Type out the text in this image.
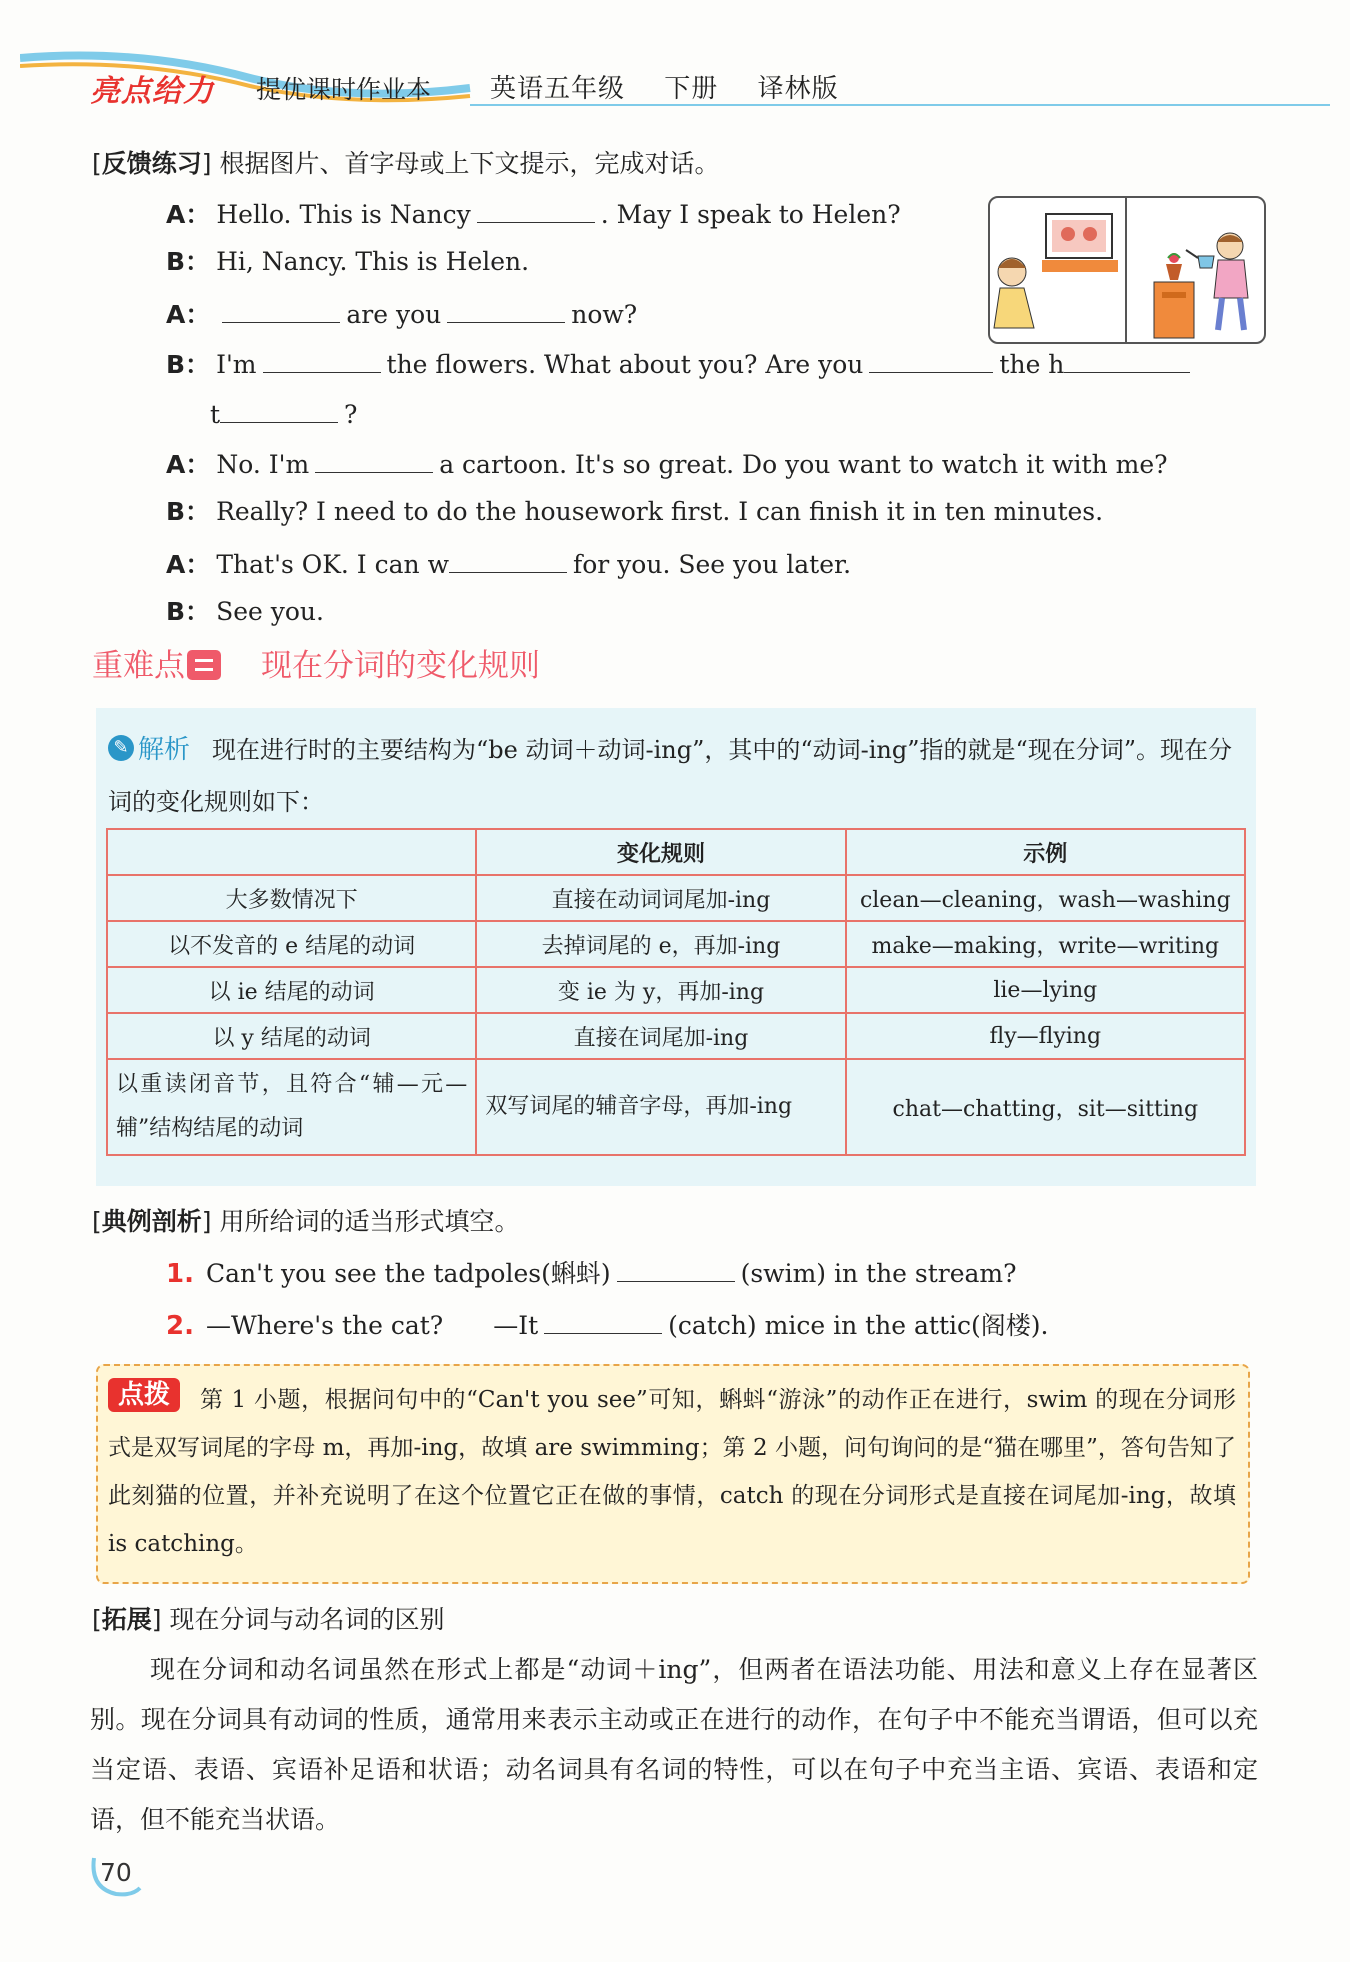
亮点给力 提优课时作业本 英语五年级 下册 译林版
[反馈练习] 根据图片、首字母或上下文提示，完成对话。
A： Hello. This is Nancy	. May I speak to Helen?
B： Hi, Nancy. This is Helen.
A：	are you	now?
B： I'm	the flowers. What about you? Are you	the h
t	?
A： No. I'm	a cartoon. It's so great. Do you want to watch it with me?
B： Really? I need to do the housework first. I can finish it in ten minutes.
A： That's OK. I can w	for you. See you later.
B： See you.
重难点 现在分词的变化规则
✎ 解析 现在进行时的主要结构为“be 动词＋动词-ing”，其中的“动词-ing”指的就是“现在分词”。现在分词的变化规则如下：
	变化规则	示例
大多数情况下	直接在动词词尾加-ing	clean—cleaning，wash—washing
以不发音的 e 结尾的动词	去掉词尾的 e，再加-ing	make—making，write—writing
以 ie 结尾的动词	变 ie 为 y，再加-ing	lie—lying
以 y 结尾的动词	直接在词尾加-ing	fly—flying
以重读闭音节，且符合“辅—元—辅”结构结尾的动词	双写词尾的辅音字母，再加-ing	chat—chatting，sit—sitting
[典例剖析] 用所给词的适当形式填空。
1. Can't you see the tadpoles(蝌蚪)	(swim) in the stream?
2. —Where's the cat?　　—It	(catch) mice in the attic(阁楼).
点拨	第 1 小题，根据问句中的“Can't you see”可知，蝌蚪“游泳”的动作正在进行，swim 的现在分词形式是双写词尾的字母 m，再加-ing，故填 are swimming；第 2 小题，问句询问的是“猫在哪里”，答句告知了此刻猫的位置，并补充说明了在这个位置它正在做的事情，catch 的现在分词形式是直接在词尾加-ing，故填 is catching。
[拓展] 现在分词与动名词的区别
现在分词和动名词虽然在形式上都是“动词＋ing”，但两者在语法功能、用法和意义上存在显著区别。现在分词具有动词的性质，通常用来表示主动或正在进行的动作，在句子中不能充当谓语，但可以充当定语、表语、宾语补足语和状语；动名词具有名词的特性，可以在句子中充当主语、宾语、表语和定语，但不能充当状语。
70
